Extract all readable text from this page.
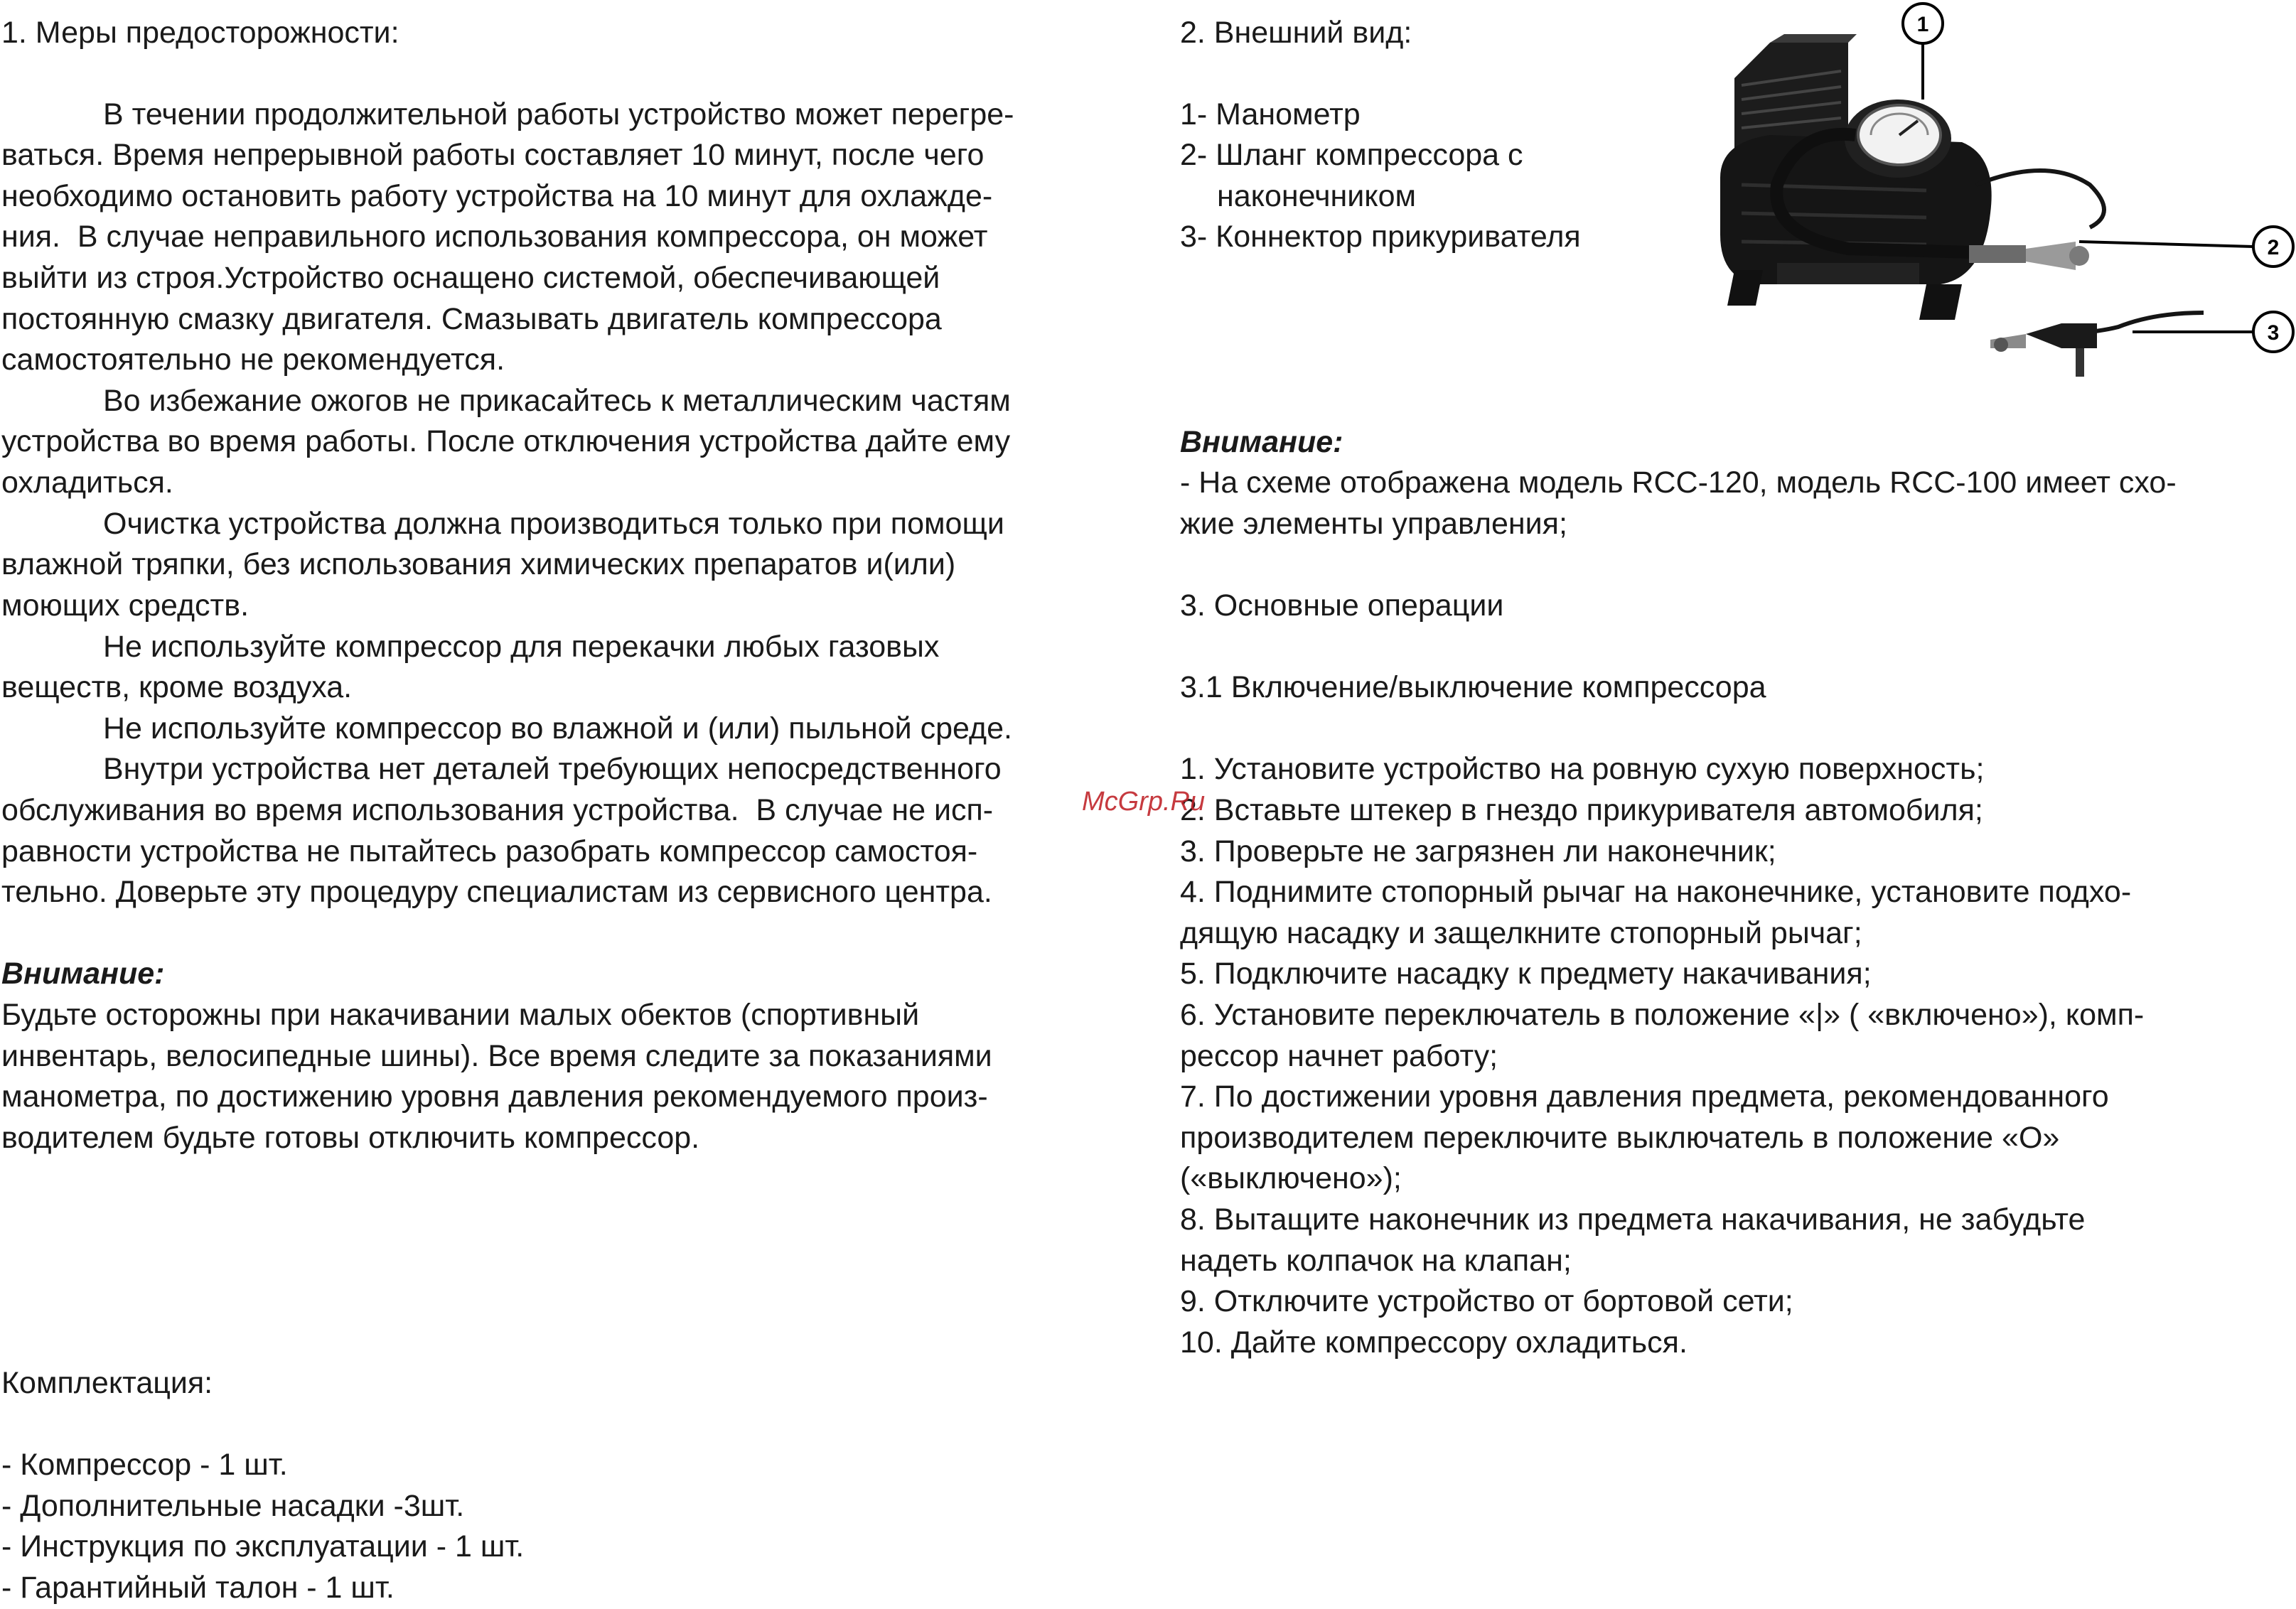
1. Меры предосторожности:
В течении продолжительной работы устройство может перегре-
ваться. Время непрерывной работы составляет 10 минут, после чего
необходимо остановить работу устройства на 10 минут для охлажде-
ния.  В случае неправильного использования компрессора, он может
выйти из строя.Устройство оснащено системой, обеспечивающей
постоянную смазку двигателя. Смазывать двигатель компрессора
самостоятельно не рекомендуется.
Во избежание ожогов не прикасайтесь к металлическим частям
устройства во время работы. После отключения устройства дайте ему
охладиться.
Очистка устройства должна производиться только при помощи
влажной тряпки, без использования химических препаратов и(или)
моющих средств.
Не используйте компрессор для перекачки любых газовых
веществ, кроме воздуха.
Не используйте компрессор во влажной и (или) пыльной среде.
Внутри устройства нет деталей требующих непосредственного
обслуживания во время использования устройства.  В случае не исп-
равности устройства не пытайтесь разобрать компрессор самостоя-
тельно. Доверьте эту процедуру специалистам из сервисного центра.
Внимание:
Будьте осторожны при накачивании малых обектов (спортивный
инвентарь, велосипедные шины). Все время следите за показаниями
манометра, по достижению уровня давления рекомендуемого произ-
водителем будьте готовы отключить компрессор.
Комплектация:
- Компрессор - 1 шт.
- Дополнительные насадки -3шт.
- Инструкция по эксплуатации - 1 шт.
- Гарантийный талон - 1 шт.
2. Внешний вид:
1- Манометр
2- Шланг компрессора с
наконечником
3- Коннектор прикуривателя
Внимание:
- На схеме отображена модель RCC-120, модель RCC-100 имеет схо-
жие элементы управления;
3. Основные операции
3.1 Включение/выключение компрессора
1. Установите устройство на ровную сухую поверхность;
2. Вставьте штекер в гнездо прикуривателя автомобиля;
3. Проверьте не загрязнен ли наконечник;
4. Поднимите стопорный рычаг на наконечнике, установите подхо-
дящую насадку и защелкните стопорный рычаг;
5. Подключите насадку к предмету накачивания;
6. Установите переключатель в положение «|» ( «включено»), комп-
рессор начнет работу;
7. По достижении уровня давления предмета, рекомендованного
производителем переключите выключатель в положение «О»
(«выключено»);
8. Вытащите наконечник из предмета накачивания, не забудьте
надеть колпачок на клапан;
9. Отключите устройство от бортовой сети;
10. Дайте компрессору охладиться.
McGrp.Ru
1
2
3
